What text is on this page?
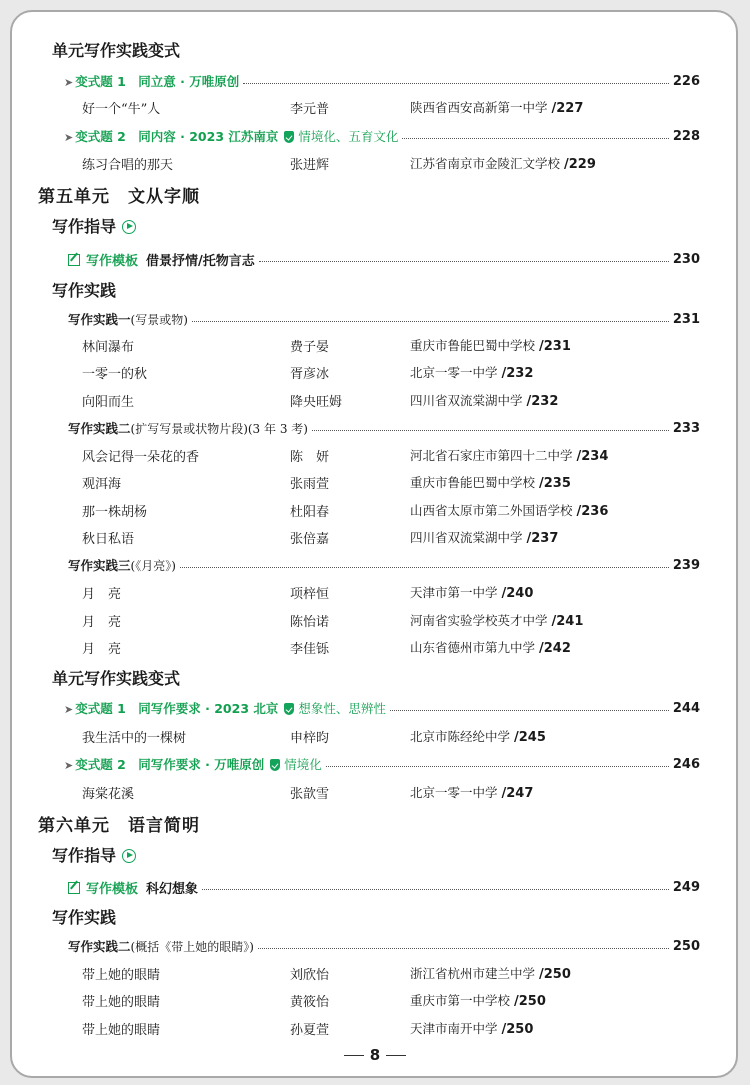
单元写作实践变式
➤ 变式题 1　同立意 · 万唯原创	226
好一个“牛”人	李元普	陕西省西安高新第一中学 /227
➤ 变式题 2　同内容 · 2023 江苏南京 情境化、五育文化	228
练习合唱的那天	张进辉	江苏省南京市金陵汇文学校 /229
第五单元 文从字顺
写作指导
写作模板 借景抒情/托物言志	230
写作实践
写作实践一(写景或物)	231
林间瀑布	费子晏	重庆市鲁能巴蜀中学校 /231
一零一的秋	胥彦冰	北京一零一中学 /232
向阳而生	降央旺姆	四川省双流棠湖中学 /232
写作实践二(扩写写景或状物片段)(3 年 3 考)	233
风会记得一朵花的香	陈　妍	河北省石家庄市第四十二中学 /234
观洱海	张雨萱	重庆市鲁能巴蜀中学校 /235
那一株胡杨	杜阳春	山西省太原市第二外国语学校 /236
秋日私语	张倍嘉	四川省双流棠湖中学 /237
写作实践三(《月亮》)	239
月　亮	项梓恒	天津市第一中学 /240
月　亮	陈怡诺	河南省实验学校英才中学 /241
月　亮	李佳铄	山东省德州市第九中学 /242
单元写作实践变式
➤ 变式题 1　同写作要求 · 2023 北京 想象性、思辨性	244
我生活中的一棵树	申梓昀	北京市陈经纶中学 /245
➤ 变式题 2　同写作要求 · 万唯原创 情境化	246
海棠花溪	张歆雪	北京一零一中学 /247
第六单元 语言简明
写作指导
写作模板 科幻想象	249
写作实践
写作实践二(概括《带上她的眼睛》)	250
带上她的眼睛	刘欣怡	浙江省杭州市建兰中学 /250
带上她的眼睛	黄筱怡	重庆市第一中学校 /250
带上她的眼睛	孙夏萱	天津市南开中学 /250
8
